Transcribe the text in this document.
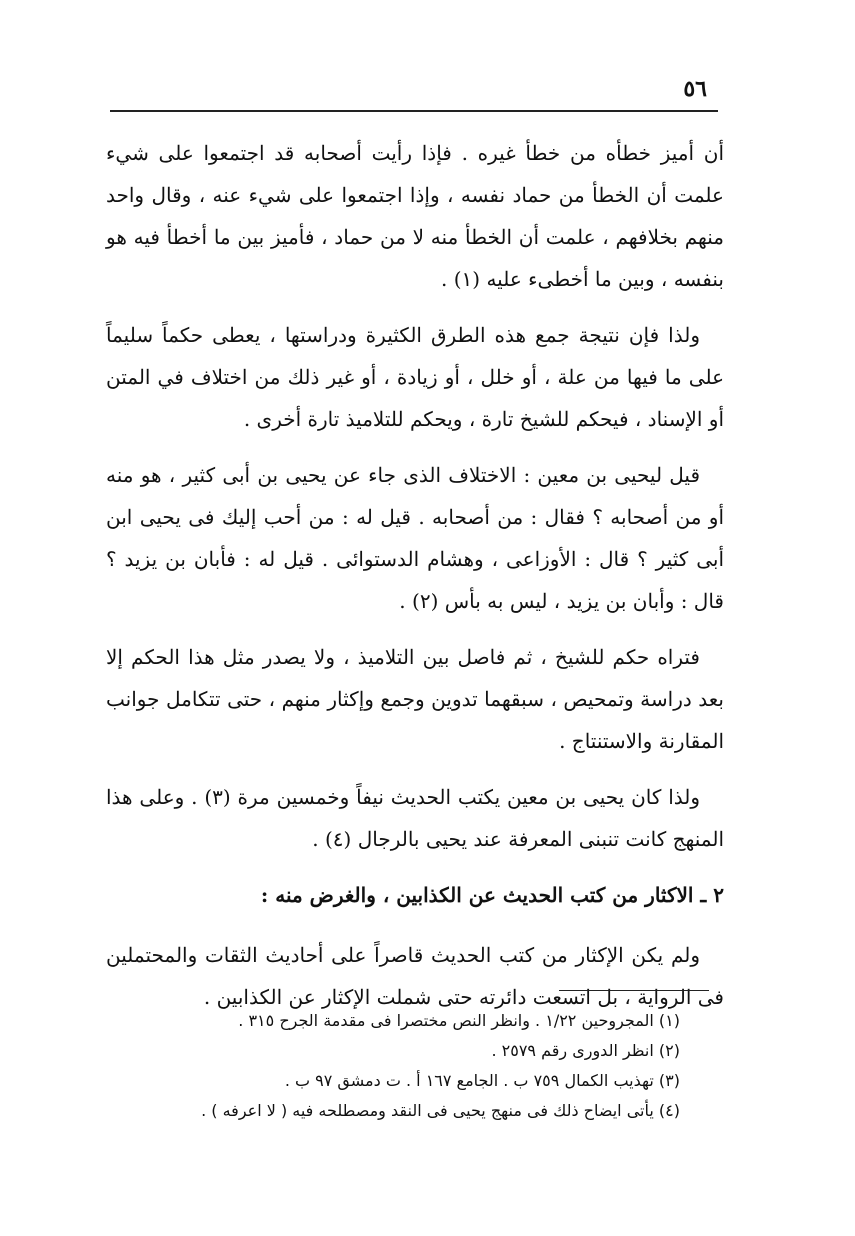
٥٦

أن أميز خطأه من خطأ غيره . فإذا رأيت أصحابه قد اجتمعوا على شيء علمت أن الخطأ من حماد نفسه ، وإذا اجتمعوا على شيء عنه ، وقال واحد منهم بخلافهم ، علمت أن الخطأ منه لا من حماد ، فأميز بين ما أخطأ فيه هو بنفسه ، وبين ما أخطىء عليه (١) .

ولذا فإن نتيجة جمع هذه الطرق الكثيرة ودراستها ، يعطى حكماً سليماً على ما فيها من علة ، أو خلل ، أو زيادة ، أو غير ذلك من اختلاف في المتن أو الإسناد ، فيحكم للشيخ تارة ، ويحكم للتلاميذ تارة أخرى .

قيل ليحيى بن معين : الاختلاف الذى جاء عن يحيى بن أبى كثير ، هو منه أو من أصحابه ؟ فقال : من أصحابه . قيل له : من أحب إليك فى يحيى ابن أبى كثير ؟ قال : الأوزاعى ، وهشام الدستوائى . قيل له : فأبان بن يزيد ؟ قال : وأبان بن يزيد ، ليس به بأس (٢) .

فتراه حكم للشيخ ، ثم فاصل بين التلاميذ ، ولا يصدر مثل هذا الحكم إلا بعد دراسة وتمحيص ، سبقهما تدوين وجمع وإكثار منهم ، حتى تتكامل جوانب المقارنة والاستنتاج .

ولذا كان يحيى بن معين يكتب الحديث نيفاً وخمسين مرة (٣) . وعلى هذا المنهج كانت تنبنى المعرفة عند يحيى بالرجال (٤) .

٢ ـ الاكثار من كتب الحديث عن الكذابين ، والغرض منه :

ولم يكن الإكثار من كتب الحديث قاصراً على أحاديث الثقات والمحتملين فى الرواية ، بل اتسعت دائرته حتى شملت الإكثار عن الكذابين .

(١) المجروحين ١/٢٢ . وانظر النص مختصرا فى مقدمة الجرح ٣١٥ .
(٢) انظر الدورى رقم ٢٥٧٩ .
(٣) تهذيب الكمال ٧٥٩ ب . الجامع ١٦٧ أ . ت دمشق ٩٧ ب .
(٤) يأتى ايضاح ذلك فى منهج يحيى فى النقد ومصطلحه فيه ( لا اعرفه ) .
